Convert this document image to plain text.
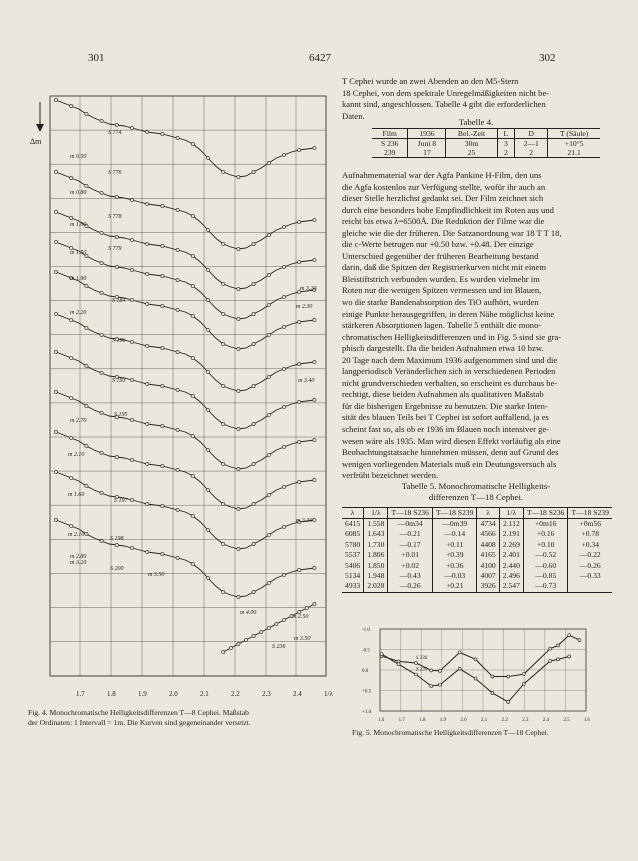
301	6427	302
Δm
1.7	1.8	1.9	2.0	2.1	2.2	2.3	2.4	1/λ
S 774
S 776
S 778
S 779
S 184
S 186
S 193
S 195
S 197
S 198
S 200
S 236
m 0.50
m 0.80
m 1.00
m 1.50
m 1.90
m 2.20
m 2.70
m 2.10
m 1.60
m 2.10
m 2.80
m 3.20
m 3.50
m 4.00
m 3.20
m 2.30
m 3.40
m 3.30
m 2.50
m 3.50
Fig. 4. Monochromatische Helligkeitsdifferenzen T—8 Cephei. Maßstab
der Ordinaten: 1 Intervall = 1m. Die Kurven sind gegeneinander versetzt.
T Cephei wurde an zwei Abenden an den M5-Stern
18 Cephei, von dem spektrale Unregelmäßigkeiten nicht be-
kannt sind, angeschlossen. Tabelle 4 gibt die erforderlichen
Daten.
Tabelle 4.
Film	1936	Bel.-Zeit	L	D	T (Säule)
S 236	Juni 8	30m	3	2—1	+10°5
239	17	25	2	2	21.1
Aufnahmematerial war der Agfa Pankine H-Film, den uns
die Agfa kostenlos zur Verfügung stellte, wofür ihr auch an
dieser Stelle herzlichst gedankt sei. Der Film zeichnet sich
durch eine besonders hohe Empfindlichkeit im Roten aus und
reicht bis etwa λ=6500Å. Die Reduktion der Filme war die
gleiche wie die der früheren. Die Satzanordnung war 18 T T 18,
die c-Werte betrugen nur +0.50 bzw. +0.48. Der einzige
Unterschied gegenüber der früheren Bearbeitung bestand
darin, daß die Spitzen der Registrierkurven nicht mit einem
Bleistiftstrich verbunden wurden. Es wurden vielmehr im
Roten nur die wenigen Spitzen vermessen und im Blauen,
wo die starke Bandenabsorption des TiO aufhört, wurden
einige Punkte herausgegriffen, in deren Nähe möglichst keine
stärkeren Absorptionen lagen. Tabelle 5 enthält die mono-
chromatischen Helligkeitsdifferenzen und in Fig. 5 sind sie gra-
phisch dargestellt. Da die beiden Aufnahmen etwa 10 bzw.
20 Tage nach dem Maximum 1936 aufgenommen sind und die
langperiodisch Veränderlichen sich in verschiedenen Perioden
nicht grundverschieden verhalten, so erscheint es durchaus be-
rechtigt, diese beiden Aufnahmen als qualitativen Maßstab
für die bisherigen Ergebnisse zu benutzen. Die starke Inten-
sität des blauen Teils bei T Cephei ist sofort auffallend, ja es
scheint fast so, als ob er 1936 im Blauen noch intensiver ge-
wesen wäre als 1935. Man wird diesen Effekt vorläufig als eine
Beobachtungstatsache hinnehmen müssen, denn auf Grund des
wenigen vorliegenden Materials muß ein Deutungsversuch als
verfrüht bezeichnet werden.
Tabelle 5. Monochromatische Helligkeits-
differenzen T—18 Cephei.
λ	1/λ	T—18 S236	T—18 S239	λ	1/λ	T—18 S236	T—18 S239
6415	1.558	—0m34	—0m39	4734	2.112	+0m16	+0m56
6085	1.643	—0.21	—0.14	4566	2.191	+0.16	+0.78
5780	1.730	—0.17	+0.11	4408	2.269	+0.10	+0.34
5537	1.806	+0.01	+0.39	4165	2.401	—0.52	—0.22
5406	1.850	+0.02	+0.36	4100	2.440	—0.60	—0.26
5134	1.948	—0.43	—0.03	4007	2.496	—0.85	—0.33
4933	2.028	—0.26	+0.21	3926	2.547	—0.73	
-1.0
-0.5
0.0
+0.5
+1.0
1.6	1.7	1.8	1.9	2.0	2.1	2.2	2.3	2.4	2.5	1/λ
S 236
S 239
Fig. 5. Monochromatische Helligkeitsdifferenzen T—18 Cephei.
